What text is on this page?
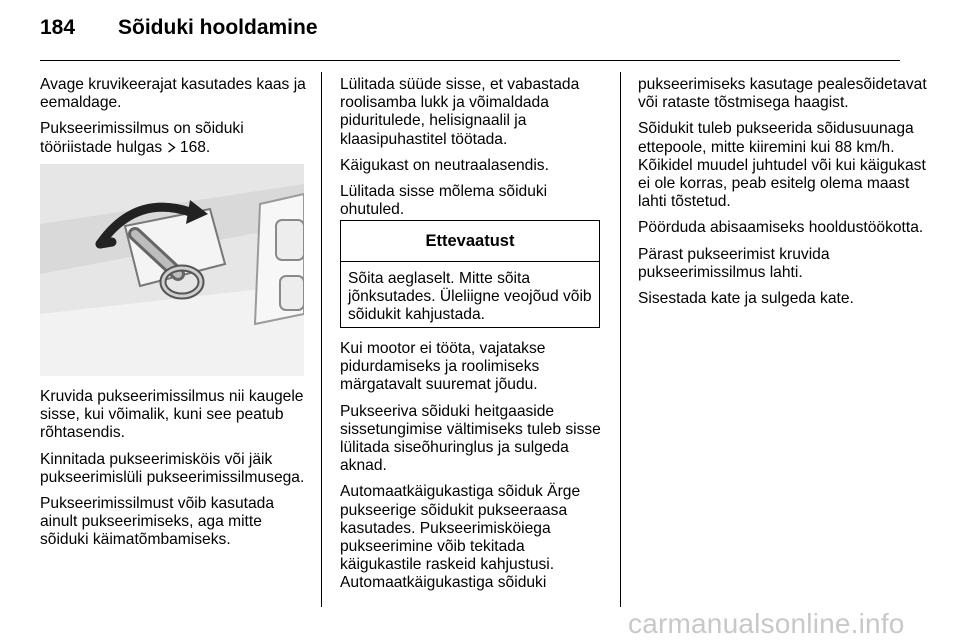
184 Sõiduki hooldamine

Avage kruvikeerajat kasutades kaas ja eemaldage.

Pukseerimissilmus on sõiduki tööriistade hulgas  168.

Kruvida pukseerimissilmus nii kaugele sisse, kui võimalik, kuni see peatub rõhtasendis.

Kinnitada pukseerimisköis või jäik pukseerimislüli pukseerimissilmusega.

Pukseerimissilmust võib kasutada ainult pukseerimiseks, aga mitte sõiduki käimatõmbamiseks.

Lülitada süüde sisse, et vabastada roolisamba lukk ja võimaldada piduritulede, helisignaalil ja klaasipuhastitel töötada.

Käigukast on neutraalasendis.

Lülitada sisse mõlema sõiduki ohutuled.

Ettevaatust
Sõita aeglaselt. Mitte sõita jõnksutades. Üleliigne veojõud võib sõidukit kahjustada.

Kui mootor ei tööta, vajatakse pidurdamiseks ja roolimiseks märgatavalt suuremat jõudu.

Pukseeriva sõiduki heitgaaside sissetungimise vältimiseks tuleb sisse lülitada siseõhuringlus ja sulgeda aknad.

Automaatkäigukastiga sõiduk Ärge pukseerige sõidukit pukseeraasa kasutades. Pukseerimisköiega pukseerimine võib tekitada käigukastile raskeid kahjustusi. Automaatkäigukastiga sõiduki

pukseerimiseks kasutage pealesõidetavat või rataste tõstmisega haagist.

Sõidukit tuleb pukseerida sõidusuunaga ettepoole, mitte kiiremini kui 88 km/h. Kõikidel muudel juhtudel või kui käigukast ei ole korras, peab esitelg olema maast lahti tõstetud.

Pöörduda abisaamiseks hooldustöökotta.

Pärast pukseerimist kruvida pukseerimissilmus lahti.

Sisestada kate ja sulgeda kate.

carmanualsonline.info
